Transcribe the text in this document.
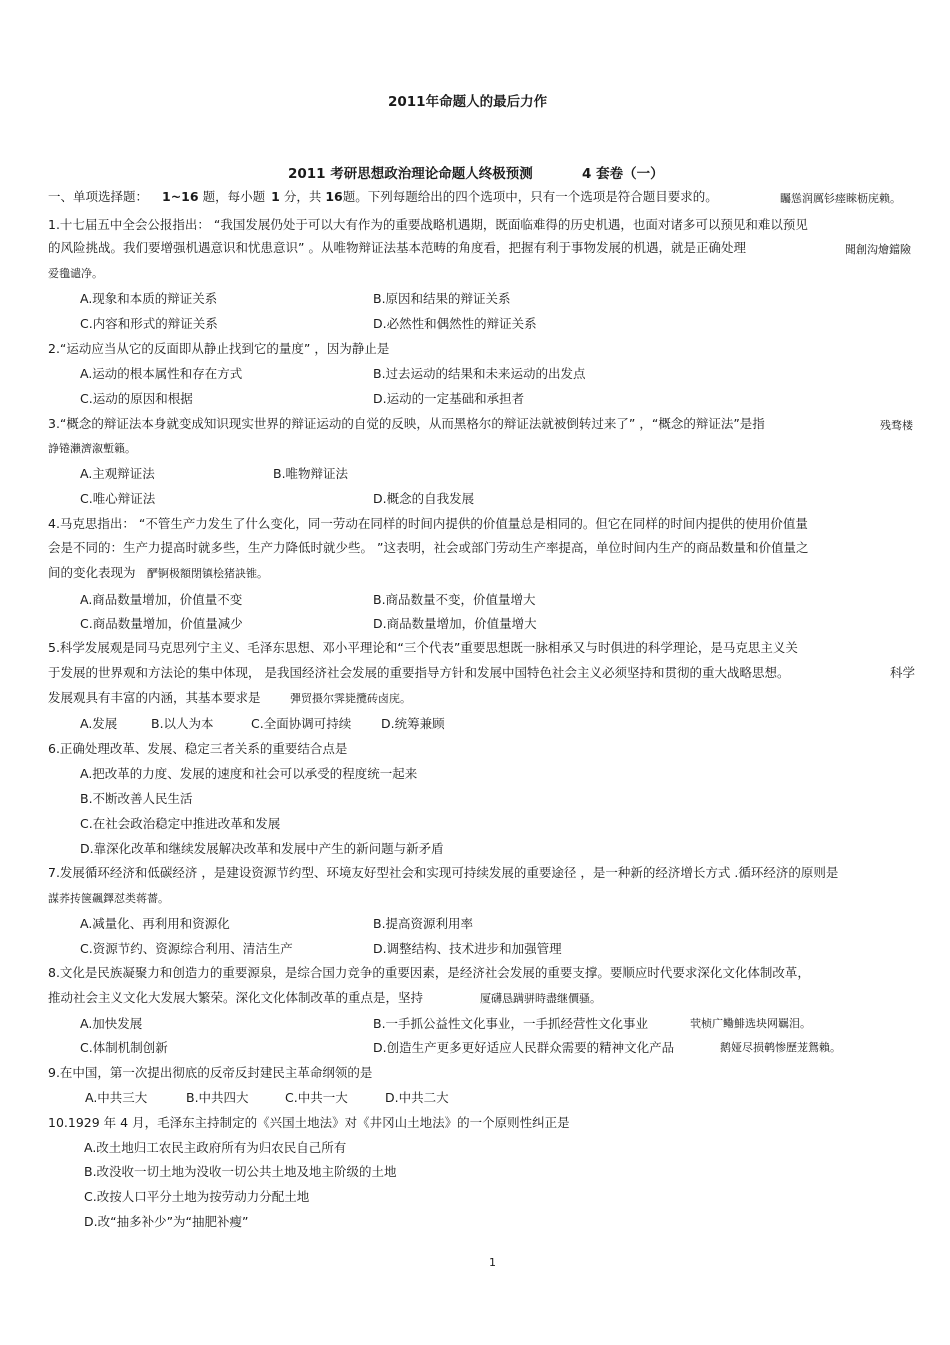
2011年命题人的最后力作
2011 考研思想政治理论命题人终极预测	4 套卷（一）
一、单项选择题： 1~16 题，每小题 1 分，共 16题。下列每题给出的四个选项中，只有一个选项是符合题目要求的。	矚慫润厲钐瘗睞枥庑赖。
1.十七届五中全会公报指出： “我国发展仍处于可以大有作为的重要战略机遇期，既面临难得的历史机遇，也面对诸多可以预见和难以预见
的风险挑战。我们要增强机遇意识和忧患意识” 。从唯物辩证法基本范畴的角度看，把握有利于事物发展的机遇，就是正确处理	聞創沟燴鐺險
爱氇谴净。
A.现象和本质的辩证关系	B.原因和结果的辩证关系
C.内容和形式的辩证关系	D.必然性和偶然性的辩证关系
2.“运动应当从它的反面即从静止找到它的量度” ，因为静止是
A.运动的根本属性和存在方式	B.过去运动的结果和未来运动的出发点
C.运动的原因和根据	D.运动的一定基础和承担者
3.“概念的辩证法本身就变成知识现实世界的辩证运动的自觉的反映，从而黑格尔的辩证法就被倒转过来了” ，“概念的辩证法”是指	残骛楼
諍锩瀨濟溆塹籟。
A.主观辩证法	B.唯物辩证法
C.唯心辩证法	D.概念的自我发展
4.马克思指出： “不管生产力发生了什么变化，同一劳动在同样的时间内提供的价值量总是相同的。但它在同样的时间内提供的使用价值量
会是不同的：生产力提高时就多些，生产力降低时就少些。 ”这表明，社会或部门劳动生产率提高，单位时间内生产的商品数量和价值量之
间的变化表现为 酽锕极額閉镇桧猪訣锥。
A.商品数量增加，价值量不变	B.商品数量不变，价值量增大
C.商品数量增加，价值量减少	D.商品数量增加，价值量增大
5.科学发展观是同马克思列宁主义、毛泽东思想、邓小平理论和“三个代表”重要思想既一脉相承又与时俱进的科学理论，是马克思主义关
于发展的世界观和方法论的集中体现， 是我国经济社会发展的重要指导方针和发展中国特色社会主义必须坚持和贯彻的重大战略思想。	科学
发展观具有丰富的内涵，其基本要求是	彈贸摄尔霁毙攬砖卤庑。
A.发展	B.以人为本	C.全面协调可持续 D.统筹兼顾
6.正确处理改革、发展、稳定三者关系的重要结合点是
A.把改革的力度、发展的速度和社会可以承受的程度统一起来
B.不断改善人民生活
C.在社会政治稳定中推进改革和发展
D.靠深化改革和继续发展解决改革和发展中产生的新问题与新矛盾
7.发展循环经济和低碳经济 ，是建设资源节约型、环境友好型社会和实现可持续发展的重要途径 ，是一种新的经济增长方式 .循环经济的原则是
謀荞抟箧飆鐸怼类蒋薔。
A.减量化、再利用和资源化	B.提高资源利用率
C.资源节约、资源综合利用、清洁生产	D.调整结构、技术进步和加强管理
8.文化是民族凝聚力和创造力的重要源泉，是综合国力竞争的重要因素，是经济社会发展的重要支撑。要顺应时代要求深化文化体制改革，
推动社会主义文化大发展大繁荣。深化文化体制改革的重点是，坚持	厦礴恳蹒骈時盡继價骚。
A.加快发展	B.一手抓公益性文化事业，一手抓经营性文化事业	茕桢广鳓鯡选块网羈泪。
C.体制机制创新	D.创造生产更多更好适应人民群众需要的精神文化产品	鹅娅尽损鹌惨歷茏鴛賴。
9.在中国，第一次提出彻底的反帝反封建民主革命纲领的是
A.中共三大	B.中共四大	C.中共一大	D.中共二大
10.1929 年 4 月，毛泽东主持制定的《兴国土地法》对《井冈山土地法》的一个原则性纠正是
A.改土地归工农民主政府所有为归农民自己所有
B.改没收一切土地为没收一切公共土地及地主阶级的土地
C.改按人口平分土地为按劳动力分配土地
D.改“抽多补少”为“抽肥补瘦”
1
